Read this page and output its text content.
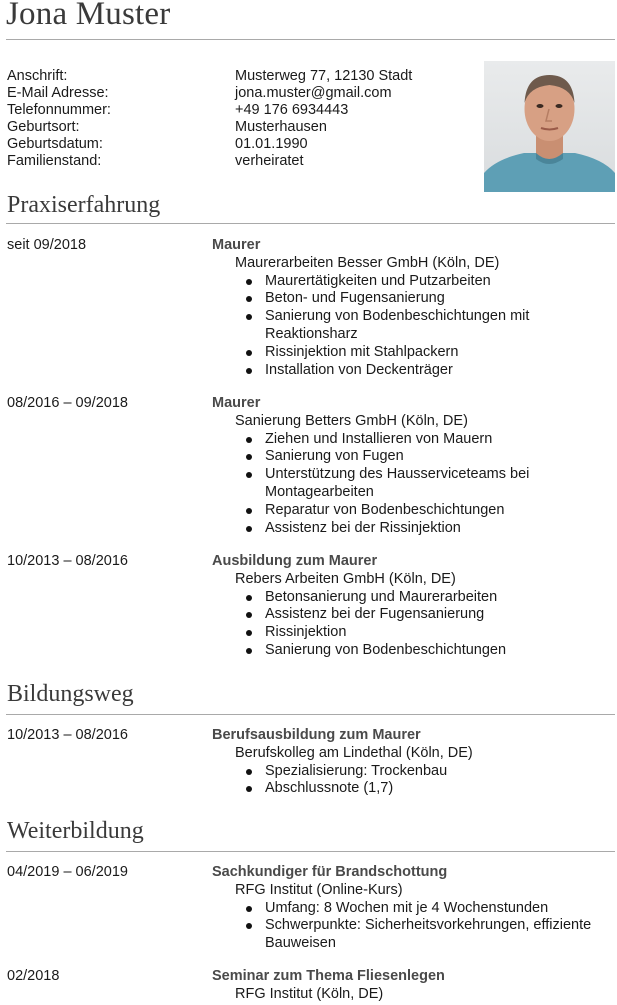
Jona Muster
Anschrift:	Musterweg 77, 12130 Stadt
E-Mail Adresse:	jona.muster@gmail.com
Telefonnummer:	+49 176 6934443
Geburtsort:	Musterhausen
Geburtsdatum:	01.01.1990
Familienstand:	verheiratet
Praxiserfahrung
seit 09/2018	Maurer
Maurerarbeiten Besser GmbH (Köln, DE)
Maurertätigkeiten und Putzarbeiten
Beton- und Fugensanierung
Sanierung von Bodenbeschichtungen mit Reaktionsharz
Rissinjektion mit Stahlpackern
Installation von Deckenträger
08/2016 – 09/2018	Maurer
Sanierung Betters GmbH (Köln, DE)
Ziehen und Installieren von Mauern
Sanierung von Fugen
Unterstützung des Hausserviceteams bei Montagearbeiten
Reparatur von Bodenbeschichtungen
Assistenz bei der Rissinjektion
10/2013 – 08/2016	Ausbildung zum Maurer
Rebers Arbeiten GmbH (Köln, DE)
Betonsanierung und Maurerarbeiten
Assistenz bei der Fugensanierung
Rissinjektion
Sanierung von Bodenbeschichtungen
Bildungsweg
10/2013 – 08/2016	Berufsausbildung zum Maurer
Berufskolleg am Lindethal (Köln, DE)
Spezialisierung: Trockenbau
Abschlussnote (1,7)
Weiterbildung
04/2019 – 06/2019	Sachkundiger für Brandschottung
RFG Institut (Online-Kurs)
Umfang: 8 Wochen mit je 4 Wochenstunden
Schwerpunkte: Sicherheitsvorkehrungen, effiziente Bauweisen
02/2018	Seminar zum Thema Fliesenlegen
RFG Institut (Köln, DE)
